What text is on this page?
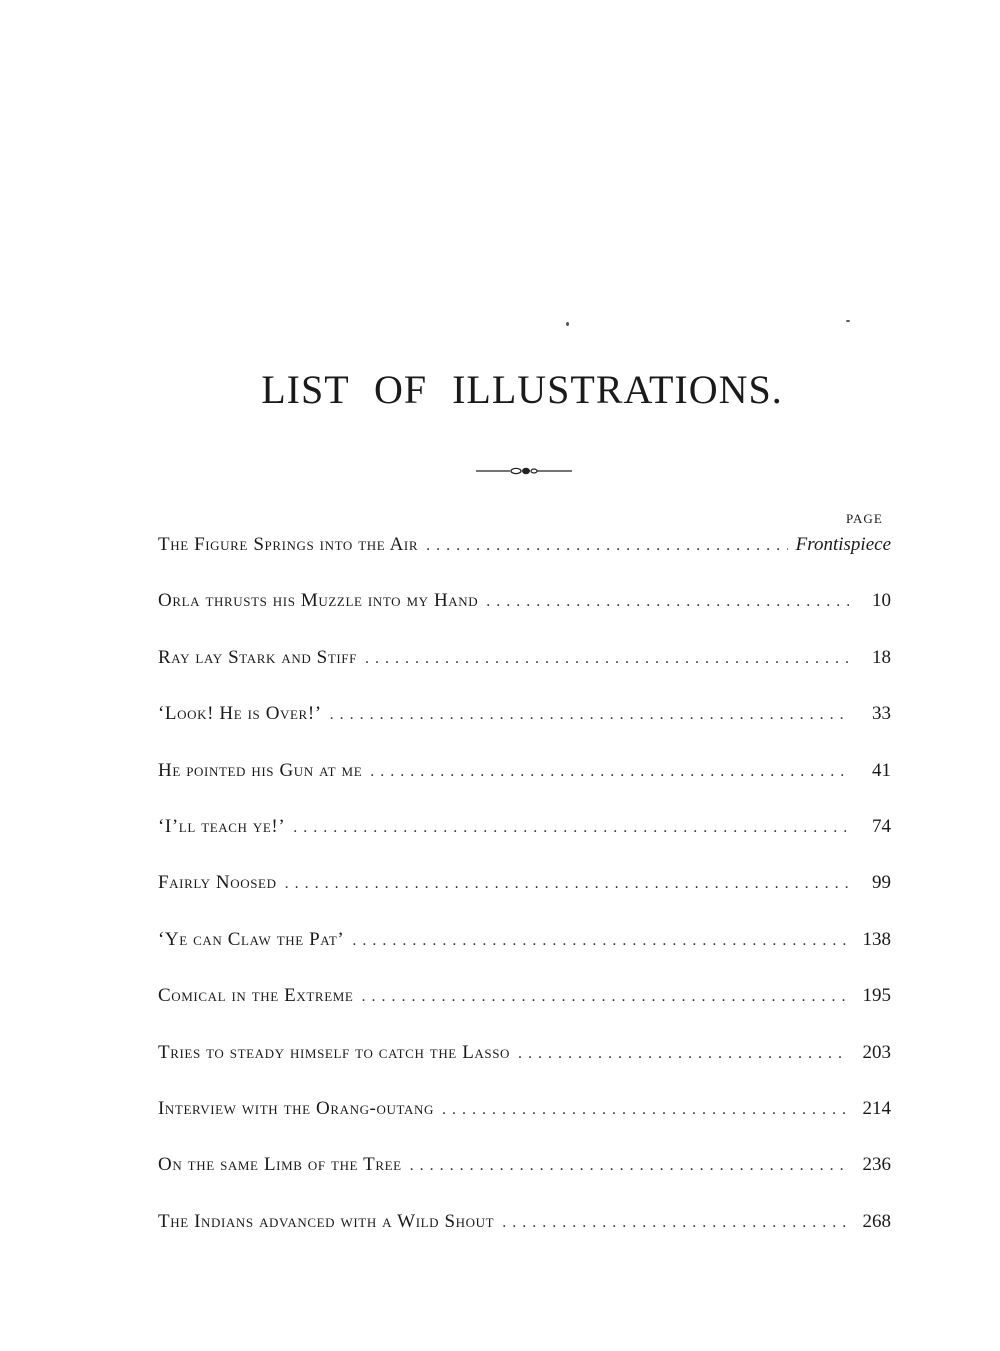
LIST OF ILLUSTRATIONS.
PAGE
The Figure Springs into the Air . . .	Frontispiece
Orla thrusts his Muzzle into my Hand . . .	10
Ray lay Stark and Stiff . . .	18
‘Look! He is Over!’ . . .	33
He pointed his Gun at me . . .	41
‘I’ll teach ye!’ . . .	74
Fairly Noosed . . .	99
‘Ye can Claw the Pat’ . . .	138
Comical in the Extreme . . .	195
Tries to steady himself to catch the Lasso . . .	203
Interview with the Orang-outang . . .	214
On the same Limb of the Tree . . .	236
The Indians advanced with a Wild Shout . . .	268
